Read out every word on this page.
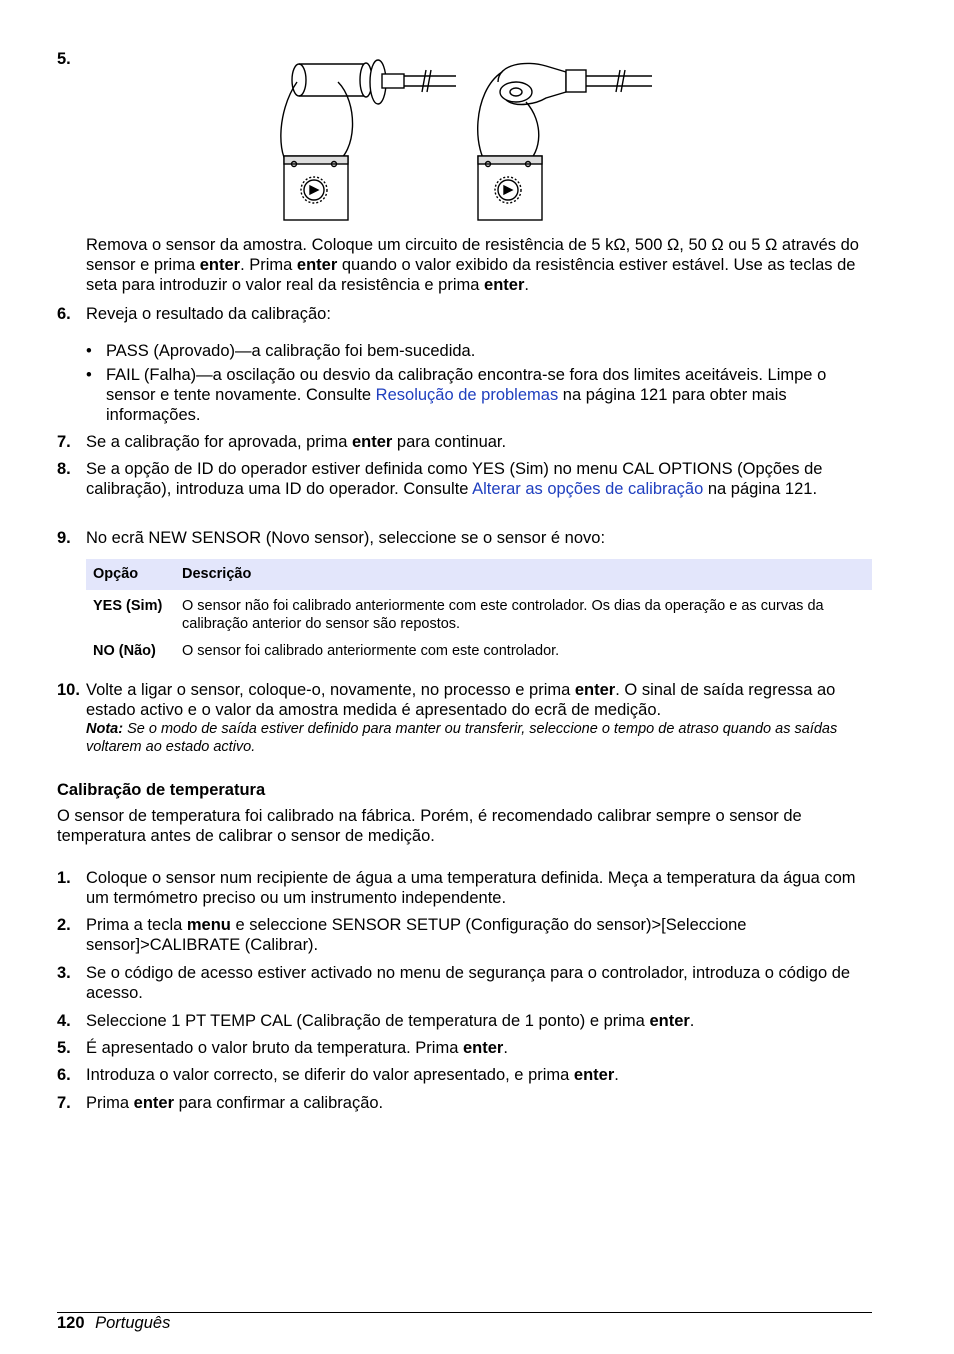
5.
Remova o sensor da amostra. Coloque um circuito de resistência de 5 kΩ, 500 Ω, 50 Ω ou 5 Ω através do sensor e prima enter. Prima enter quando o valor exibido da resistência estiver estável. Use as teclas de seta para introduzir o valor real da resistência e prima enter.
6. Reveja o resultado da calibração:
• PASS (Aprovado)—a calibração foi bem-sucedida.
• FAIL (Falha)—a oscilação ou desvio da calibração encontra-se fora dos limites aceitáveis. Limpe o sensor e tente novamente. Consulte Resolução de problemas na página 121 para obter mais informações.
7. Se a calibração for aprovada, prima enter para continuar.
8. Se a opção de ID do operador estiver definida como YES (Sim) no menu CAL OPTIONS (Opções de calibração), introduza uma ID do operador. Consulte Alterar as opções de calibração na página 121.
9. No ecrã NEW SENSOR (Novo sensor), seleccione se o sensor é novo:
Opção	Descrição
YES (Sim) O sensor não foi calibrado anteriormente com este controlador. Os dias da operação e as curvas da calibração anterior do sensor são repostos.
NO (Não) O sensor foi calibrado anteriormente com este controlador.
10. Volte a ligar o sensor, coloque-o, novamente, no processo e prima enter. O sinal de saída regressa ao estado activo e o valor da amostra medida é apresentado do ecrã de medição.
Nota: Se o modo de saída estiver definido para manter ou transferir, seleccione o tempo de atraso quando as saídas voltarem ao estado activo.
Calibração de temperatura
O sensor de temperatura foi calibrado na fábrica. Porém, é recomendado calibrar sempre o sensor de temperatura antes de calibrar o sensor de medição.
1. Coloque o sensor num recipiente de água a uma temperatura definida. Meça a temperatura da água com um termómetro preciso ou um instrumento independente.
2. Prima a tecla menu e seleccione SENSOR SETUP (Configuração do sensor)>[Seleccione sensor]>CALIBRATE (Calibrar).
3. Se o código de acesso estiver activado no menu de segurança para o controlador, introduza o código de acesso.
4. Seleccione 1 PT TEMP CAL (Calibração de temperatura de 1 ponto) e prima enter.
5. É apresentado o valor bruto da temperatura. Prima enter.
6. Introduza o valor correcto, se diferir do valor apresentado, e prima enter.
7. Prima enter para confirmar a calibração.
120 Português
